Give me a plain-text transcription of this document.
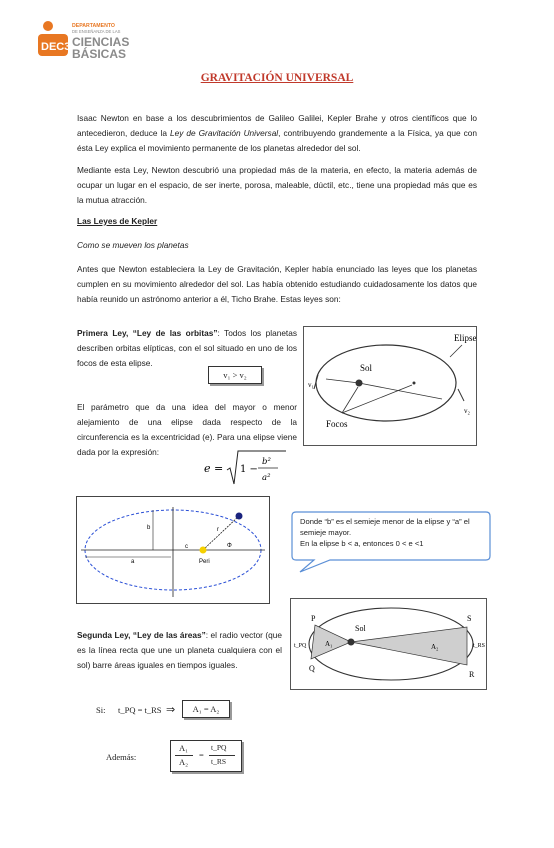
DEC3
DEPARTAMENTO
DE ENSEÑANZA DE LAS
CIENCIAS
BÁSICAS
GRAVITACIÓN UNIVERSAL

Isaac Newton en base a los descubrimientos de Galileo Galilei, Kepler Brahe y otros científicos que lo antecedieron, deduce la Ley de Gravitación Universal, contribuyendo grandemente a la Física, ya que con ésta Ley explica el movimiento permanente de los planetas alrededor del sol.

Mediante esta Ley, Newton descubrió una propiedad más de la materia, en efecto, la materia además de ocupar un lugar en el espacio, de ser inerte, porosa, maleable, dúctil, etc., tiene una propiedad más que es la mutua atracción.

Las Leyes de Kepler
Como se mueven los planetas

Antes que Newton estableciera la Ley de Gravitación, Kepler había enunciado las leyes que los planetas cumplen en su movimiento alrededor del sol. Las había obtenido estudiando cuidadosamente los datos que había reunido un astrónomo anterior a él, Ticho Brahe. Estas leyes son:

Primera Ley, “Ley de las orbitas”: Todos los planetas describen orbitas elípticas, con el sol situado en uno de los focos de esta elipse.

v₁ > v₂

El parámetro que da una idea del mayor o menor alejamiento de una elipse dada respecto de la circunferencia es la excentricidad (e). Para una elipse viene dada por la expresión:

e = 1 −
b²
a²
Sol
Elipse
Focos
v₁
v₂
b
a
c
r
Φ
Peri
Donde “b” es el semieje menor de la elipse y “a” el semieje mayor.
En la elipse b < a, entonces 0 < e <1
Sol
P
Q
S
R
A₁	A₂
t_PQ	t_RS

Segunda Ley, “Ley de las áreas”: el radio vector (que es la línea recta que une un planeta cualquiera con el sol) barre áreas iguales en tiempos iguales.

Si: t_PQ = t_RS ⇒	A₁ = A₂
Además:
A₁
A₂
=
t_PQ
t_RS
